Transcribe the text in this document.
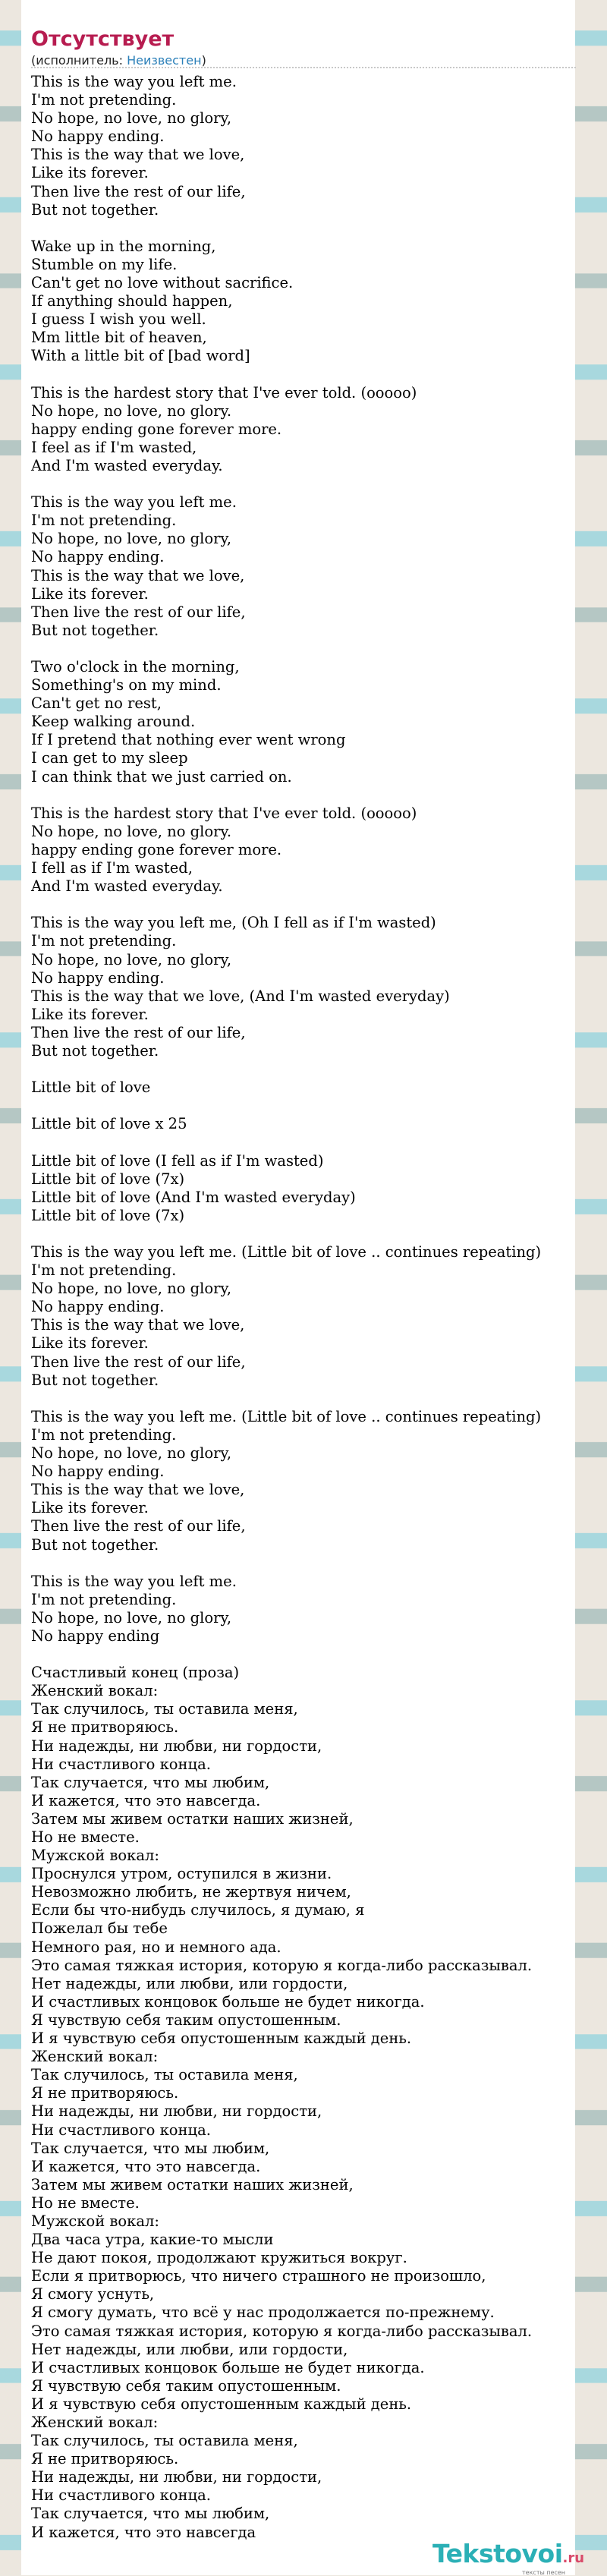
Отсутствует
(исполнитель: Неизвестен)
This is the way you left me.
I'm not pretending.
No hope, no love, no glory,
No happy ending.
This is the way that we love,
Like its forever.
Then live the rest of our life,
But not together.

Wake up in the morning,
Stumble on my life.
Can't get no love without sacrifice.
If anything should happen,
I guess I wish you well.
Mm little bit of heaven,
With a little bit of [bad word]

This is the hardest story that I've ever told. (ooooo)
No hope, no love, no glory.
happy ending gone forever more.
I feel as if I'm wasted,
And I'm wasted everyday.

This is the way you left me.
I'm not pretending.
No hope, no love, no glory,
No happy ending.
This is the way that we love,
Like its forever.
Then live the rest of our life,
But not together.

Two o'clock in the morning,
Something's on my mind.
Can't get no rest,
Keep walking around.
If I pretend that nothing ever went wrong
I can get to my sleep
I can think that we just carried on.

This is the hardest story that I've ever told. (ooooo)
No hope, no love, no glory.
happy ending gone forever more.
I fell as if I'm wasted,
And I'm wasted everyday.

This is the way you left me, (Oh I fell as if I'm wasted)
I'm not pretending.
No hope, no love, no glory,
No happy ending.
This is the way that we love, (And I'm wasted everyday)
Like its forever.
Then live the rest of our life,
But not together.

Little bit of love

Little bit of love x 25

Little bit of love (I fell as if I'm wasted)
Little bit of love (7x)
Little bit of love (And I'm wasted everyday)
Little bit of love (7x)

This is the way you left me. (Little bit of love .. continues repeating)
I'm not pretending.
No hope, no love, no glory,
No happy ending.
This is the way that we love,
Like its forever.
Then live the rest of our life,
But not together.

This is the way you left me. (Little bit of love .. continues repeating)
I'm not pretending.
No hope, no love, no glory,
No happy ending.
This is the way that we love,
Like its forever.
Then live the rest of our life,
But not together.

This is the way you left me.
I'm not pretending.
No hope, no love, no glory,
No happy ending

Счастливый конец (проза)
Женский вокал:
Так случилось, ты оставила меня,
Я не притворяюсь.
Ни надежды, ни любви, ни гордости,
Ни счастливого конца.
Так случается, что мы любим,
И кажется, что это навсегда.
Затем мы живем остатки наших жизней,
Но не вместе.
Мужской вокал:
Проснулся утром, оступился в жизни.
Невозможно любить, не жертвуя ничем,
Если бы что-нибудь случилось, я думаю, я
Пожелал бы тебе
Немного рая, но и немного ада.
Это самая тяжкая история, которую я когда-либо рассказывал.
Нет надежды, или любви, или гордости,
И счастливых концовок больше не будет никогда.
Я чувствую себя таким опустошенным.
И я чувствую себя опустошенным каждый день.
Женский вокал:
Так случилось, ты оставила меня,
Я не притворяюсь.
Ни надежды, ни любви, ни гордости,
Ни счастливого конца.
Так случается, что мы любим,
И кажется, что это навсегда.
Затем мы живем остатки наших жизней,
Но не вместе.
Мужской вокал:
Два часа утра, какие-то мысли
Не дают покоя, продолжают кружиться вокруг.
Если я притворюсь, что ничего страшного не произошло,
Я смогу уснуть,
Я смогу думать, что всё у нас продолжается по-прежнему.
Это самая тяжкая история, которую я когда-либо рассказывал.
Нет надежды, или любви, или гордости,
И счастливых концовок больше не будет никогда.
Я чувствую себя таким опустошенным.
И я чувствую себя опустошенным каждый день.
Женский вокал:
Так случилось, ты оставила меня,
Я не притворяюсь.
Ни надежды, ни любви, ни гордости,
Ни счастливого конца.
Так случается, что мы любим,
И кажется, что это навсегда
Tekstovoi.ru
тексты песен
